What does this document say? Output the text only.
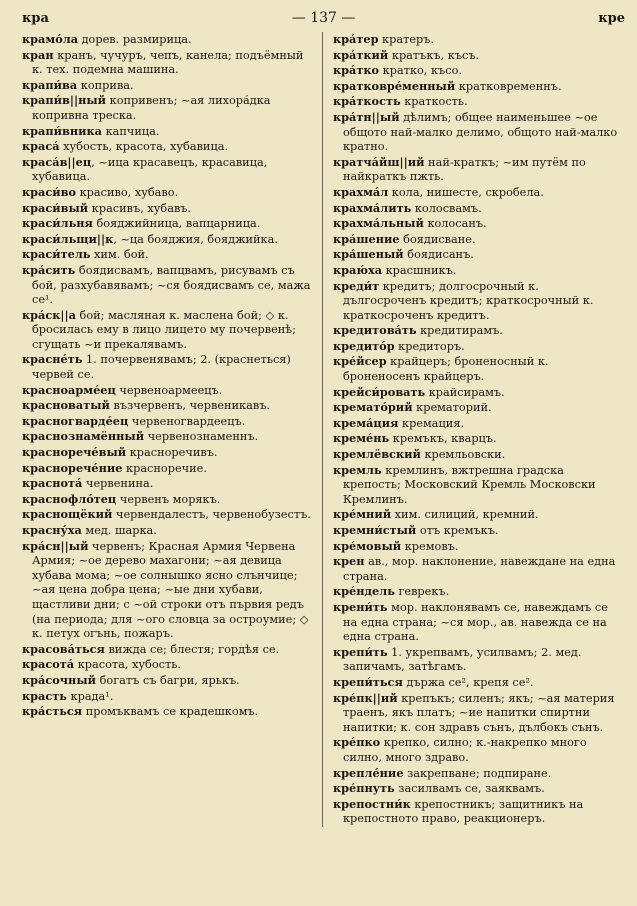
кра	— 137 —	кре

крамо́ла дорев. размирица.

кран кранъ, чучуръ, чепъ, канела; подъёмный к. тех. подемна машина.

крапи́ва коприва.

крапи́в||ный копривенъ; ~ая лихора́дка копривна треска.

крапи́вника капчица.

краса́ хубость, красота, хубавица.

краса́в||ец, ~ица красавецъ, красавица, хубавица.

краси́во красиво, хубаво.

краси́вый красивъ, хубавъ.

краси́льня бояджийница, вапцарница.

краси́льщи||к, ~ца бояджия, бояджийка.

краси́тель хим. бой.

кра́сить боядисвамъ, вапцвамъ, рисувамъ съ бой, разхубавявамъ; ~ся боядисвамъ се, мажа се¹.

кра́ск||а бой; масляная к. маслена бой; ◇ к. бросилась ему в лицо лицето му почервенѣ; сгущать ~и прекалявамъ.

красне́ть 1. почервенявамъ; 2. (краснеться) червей се.

красноарме́ец червеноармеецъ.

красноватый възчервенъ, червеникавъ.

красногварде́ец червеногвардеецъ.

краснознамённый червенознаменнъ.

краснорече́вый красноречивъ.

краснорече́ние красноречие.

краснота́ червенина.

краснофло́тец червенъ морякъ.

краснощёкий червендалестъ, червенобузестъ.

красну́ха мед. шарка.

кра́сн||ый червенъ; Красная Армия Червена Армия; ~ое дерево махагони; ~ая девица хубава мома; ~ое солнышко ясно слънчице; ~ая цена добра цена; ~ые дни хубави, щастливи дни; с ~ой строки отъ първия редъ (на периода; для ~ого словца за остроумие; ◇ к. петух огънь, пожаръ.

красова́ться виждa се; блестя; гордѣя се.

красота́ красота, хубость.

кра́сочный богатъ съ багри, ярькъ.

красть крада¹.

кра́сться промъквамъ се крадешкомъ.

кра́тер кратеръ.

кра́ткий кратъкъ, късъ.

кра́тко кратко, късо.

кратковре́менный кратковременнъ.

кра́ткость краткость.

кра́тн||ый дѣлимъ; общее наименьшее ~ое общото най-малко делимо, общото най-малко кратно.

кратча́йш||ий най-краткъ; ~им путём по найкраткъ пжть.

крахма́л кола, нишесте, скробела.

крахма́лить колосвамъ.

крахма́льный колосанъ.

кра́шение боядисване.

кра́шеный боядисанъ.

краю́ха красшникъ.

креди́т кредитъ; долгосрочный к. дългосроченъ кредитъ; краткосрочный к. краткосроченъ кредитъ.

кредитова́ть кредитирамъ.

кредито́р кредиторъ.

кре́йсер крайцеръ; броненосный к. броненосенъ крайцеръ.

крейси́ровать крайсирамъ.

кремато́рий крематорий.

крема́ция кремация.

креме́нь кремъкъ, кварцъ.

кремлёвский кремльовски.

кремль кремлинъ, вжтрешна градска крепость; Московский Кремль Московски Кремлинъ.

кре́мний хим. силиций, кремний.

кремни́стый отъ кремъкъ.

кре́мовый кремовъ.

крен ав., мор. наклонение, навеждане на една страна.

кре́ндель геврекъ.

крени́ть мор. наклонявамъ се, навеждамъ се на една страна; ~ся мор., ав. навежда се на една страна.

крепи́ть 1. укрепвамъ, усилвамъ; 2. мед. запичамъ, затѣгамъ.

крепи́ться държа се², крепя се².

кре́пк||ий крепъкъ; силенъ; якъ; ~ая материя траенъ, якъ платъ; ~ие напитки спиртни напитки; к. сон здравъ сънъ, дълбокъ сънъ.

кре́пко крепко, силно; к.-накрепко много силно, много здраво.

крепле́ние закрепване; подпиране.

кре́пнуть засилвамъ се, заяквамъ.

крепостни́к крепостникъ; защитникъ на крепостното право, реакционеръ.
